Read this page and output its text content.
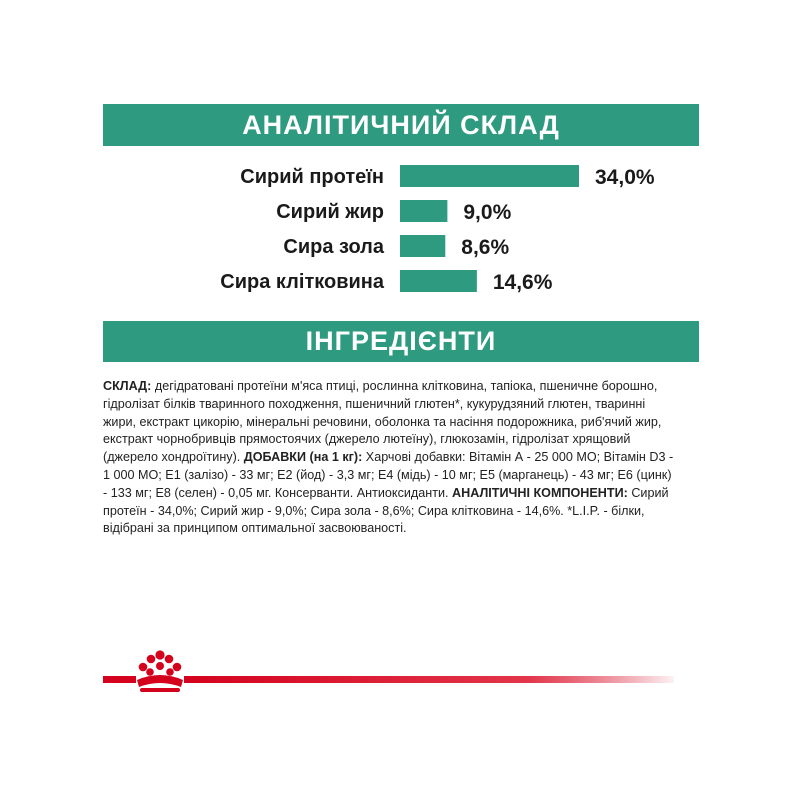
АНАЛІТИЧНИЙ СКЛАД
Сирий протеїн	34,0%
Сирий жир	9,0%
Сира зола	8,6%
Сира клітковина	14,6%
ІНГРЕДІЄНТИ
СКЛАД: дегідратовані протеїни м'яса птиці, рослинна клітковина, тапіока, пшеничне борошно, гідролізат білків тваринного походження, пшеничний глютен*, кукурудзяний глютен, тваринні жири, екстракт цикорію, мінеральні речовини, оболонка та насіння подорожника, риб'ячий жир, екстракт чорнобривців прямостоячих (джерело лютеїну), глюкозамін, гідролізат хрящовий (джерело хондроїтину). ДОБАВКИ (на 1 кг): Харчові добавки: Вітамін А - 25 000 МО; Вітамін D3 - 1 000 МО; Е1 (залізо) - 33 мг; Е2 (йод) - 3,3 мг; Е4 (мідь) - 10 мг; Е5 (марганець) - 43 мг; Е6 (цинк) - 133 мг; Е8 (селен) - 0,05 мг. Консерванти. Антиоксиданти. АНАЛІТИЧНІ КОМПОНЕНТИ: Сирий протеїн - 34,0%; Сирий жир - 9,0%; Сира зола - 8,6%; Сира клітковина - 14,6%. *L.I.P. - білки, відібрані за принципом оптимальної засвоюваності.
